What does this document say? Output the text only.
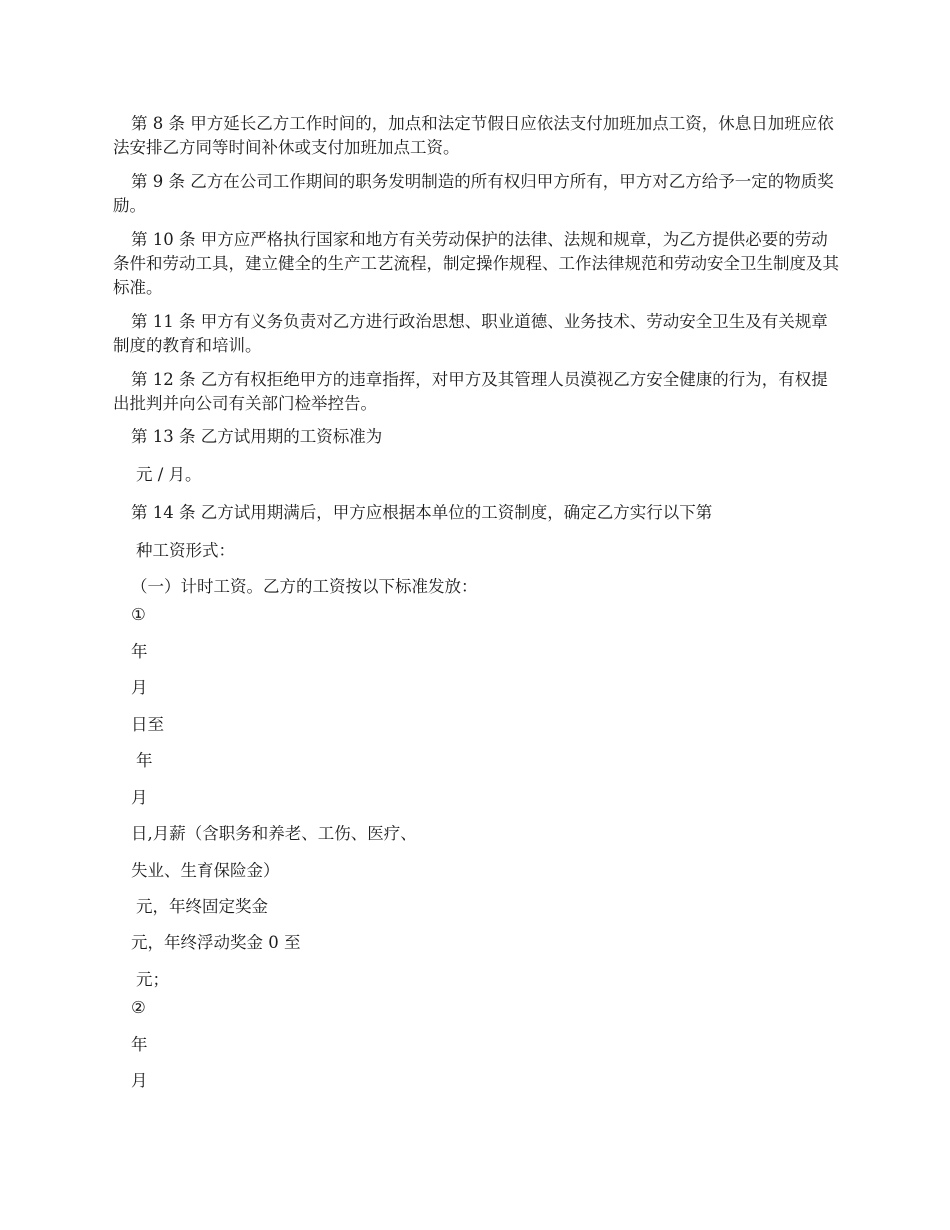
第 8 条 甲方延长乙方工作时间的，加点和法定节假日应依法支付加班加点工资，休息日加班应依法安排乙方同等时间补休或支付加班加点工资。

第 9 条 乙方在公司工作期间的职务发明制造的所有权归甲方所有，甲方对乙方给予一定的物质奖励。

第 10 条 甲方应严格执行国家和地方有关劳动保护的法律、法规和规章，为乙方提供必要的劳动条件和劳动工具，建立健全的生产工艺流程，制定操作规程、工作法律规范和劳动安全卫生制度及其标准。

第 11 条 甲方有义务负责对乙方进行政治思想、职业道德、业务技术、劳动安全卫生及有关规章制度的教育和培训。

第 12 条 乙方有权拒绝甲方的违章指挥，对甲方及其管理人员漠视乙方安全健康的行为，有权提出批判并向公司有关部门检举控告。

第 13 条 乙方试用期的工资标准为

元 / 月。

第 14 条 乙方试用期满后，甲方应根据本单位的工资制度，确定乙方实行以下第

种工资形式：

（一）计时工资。乙方的工资按以下标准发放：

①

年

月

日至

年

月

日,月薪（含职务和养老、工伤、医疗、

失业、生育保险金）

元，年终固定奖金

元，年终浮动奖金 0 至

元；

②

年

月
